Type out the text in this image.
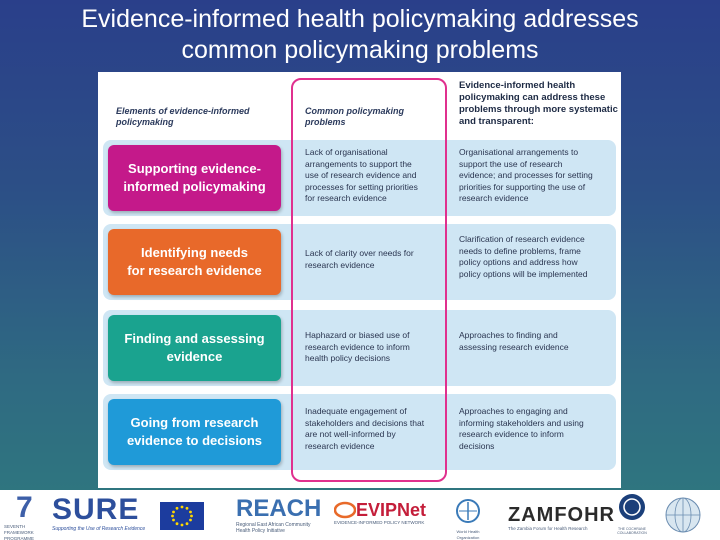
Evidence-informed health policymaking addresses
common policymaking problems
Elements of evidence-informed
policymaking
Common policymaking
problems
Evidence-informed health
policymaking can address these
problems through more systematic
and transparent:
Supporting evidence-
informed policymaking
Lack of organisational
arrangements to support the
use of research evidence and
processes for setting priorities
for research evidence
Organisational arrangements to
support the use of research
evidence; and processes for setting
priorities for supporting the use of
research evidence
Identifying needs
for research evidence
Lack of clarity over needs for
research evidence
Clarification of research evidence
needs to define problems, frame
policy options and address how
policy options will be implemented
Finding and assessing
evidence
Haphazard or biased use of
research evidence to inform
health policy decisions
Approaches to finding and
assessing research evidence
Going from research
evidence to decisions
Inadequate engagement of
stakeholders and decisions that
are not well-informed by
research evidence
Approaches to engaging and
informing stakeholders and using
research evidence to inform
decisions
7
SEVENTH FRAMEWORK
PROGRAMME
SURE
Supporting the Use of Research Evidence
REACH
Regional East African Community
Health Policy Initiative
EVIPNet
EVIDENCE-INFORMED POLICY NETWORK
World Health Organization
ZAMFOHR
The Zambia Forum for Health Research	THE COCHRANE
COLLABORATION
